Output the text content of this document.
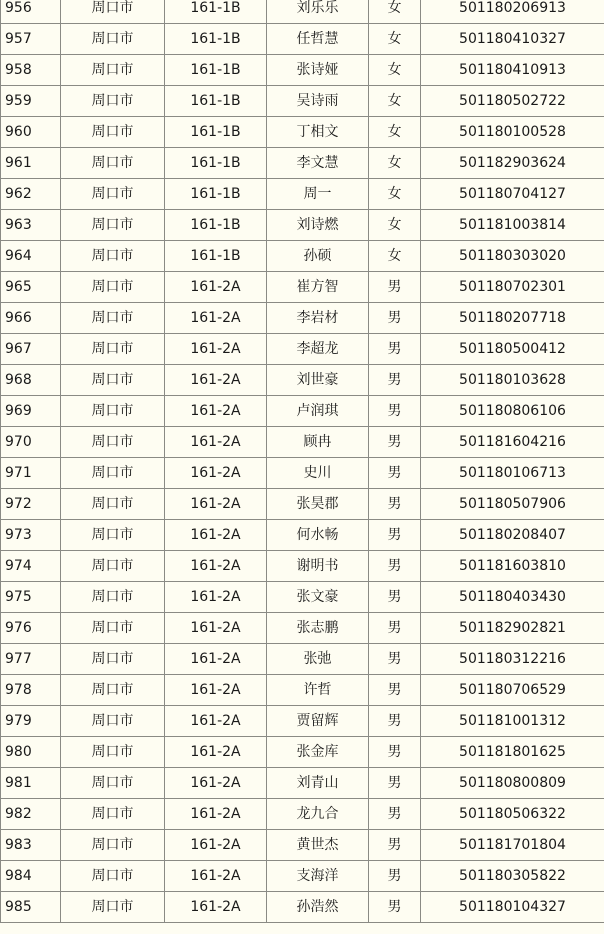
956	周口市	161-1B	刘乐乐	女	501180206913
957	周口市	161-1B	任哲慧	女	501180410327
958	周口市	161-1B	张诗娅	女	501180410913
959	周口市	161-1B	吴诗雨	女	501180502722
960	周口市	161-1B	丁相文	女	501180100528
961	周口市	161-1B	李文慧	女	501182903624
962	周口市	161-1B	周一	女	501180704127
963	周口市	161-1B	刘诗燃	女	501181003814
964	周口市	161-1B	孙硕	女	501180303020
965	周口市	161-2A	崔方智	男	501180702301
966	周口市	161-2A	李岩材	男	501180207718
967	周口市	161-2A	李超龙	男	501180500412
968	周口市	161-2A	刘世豪	男	501180103628
969	周口市	161-2A	卢润琪	男	501180806106
970	周口市	161-2A	顾冉	男	501181604216
971	周口市	161-2A	史川	男	501180106713
972	周口市	161-2A	张昊郡	男	501180507906
973	周口市	161-2A	何水畅	男	501180208407
974	周口市	161-2A	谢明书	男	501181603810
975	周口市	161-2A	张文豪	男	501180403430
976	周口市	161-2A	张志鹏	男	501182902821
977	周口市	161-2A	张弛	男	501180312216
978	周口市	161-2A	许哲	男	501180706529
979	周口市	161-2A	贾留辉	男	501181001312
980	周口市	161-2A	张金库	男	501181801625
981	周口市	161-2A	刘青山	男	501180800809
982	周口市	161-2A	龙九合	男	501180506322
983	周口市	161-2A	黄世杰	男	501181701804
984	周口市	161-2A	支海洋	男	501180305822
985	周口市	161-2A	孙浩然	男	501180104327
